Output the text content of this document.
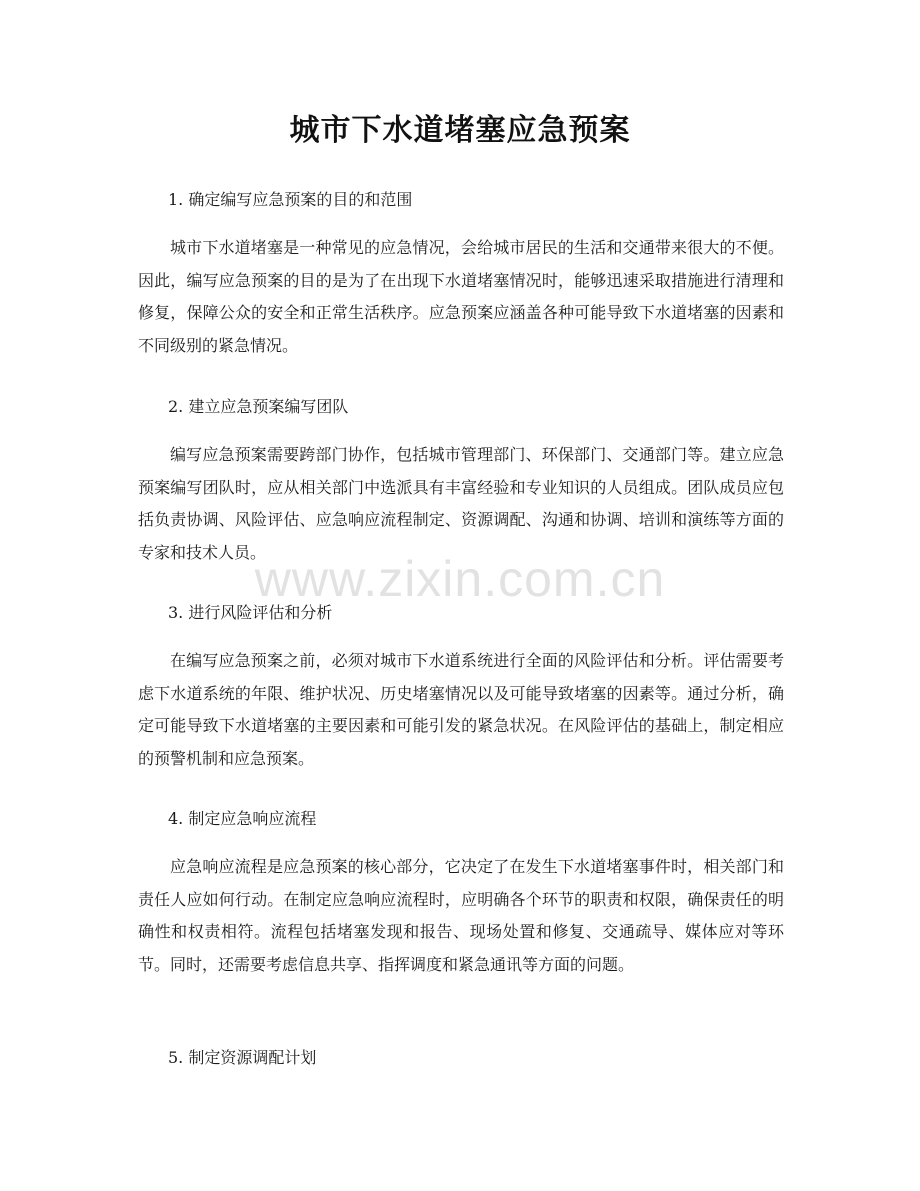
城市下水道堵塞应急预案
1. 确定编写应急预案的目的和范围
城市下水道堵塞是一种常见的应急情况，会给城市居民的生活和交通带来很大的不便。因此，编写应急预案的目的是为了在出现下水道堵塞情况时，能够迅速采取措施进行清理和修复，保障公众的安全和正常生活秩序。应急预案应涵盖各种可能导致下水道堵塞的因素和不同级别的紧急情况。
2. 建立应急预案编写团队
编写应急预案需要跨部门协作，包括城市管理部门、环保部门、交通部门等。建立应急预案编写团队时，应从相关部门中选派具有丰富经验和专业知识的人员组成。团队成员应包括负责协调、风险评估、应急响应流程制定、资源调配、沟通和协调、培训和演练等方面的专家和技术人员。
3. 进行风险评估和分析
在编写应急预案之前，必须对城市下水道系统进行全面的风险评估和分析。评估需要考虑下水道系统的年限、维护状况、历史堵塞情况以及可能导致堵塞的因素等。通过分析，确定可能导致下水道堵塞的主要因素和可能引发的紧急状况。在风险评估的基础上，制定相应的预警机制和应急预案。
4. 制定应急响应流程
应急响应流程是应急预案的核心部分，它决定了在发生下水道堵塞事件时，相关部门和责任人应如何行动。在制定应急响应流程时，应明确各个环节的职责和权限，确保责任的明确性和权责相符。流程包括堵塞发现和报告、现场处置和修复、交通疏导、媒体应对等环节。同时，还需要考虑信息共享、指挥调度和紧急通讯等方面的问题。
5. 制定资源调配计划
www.zixin.com.cn
